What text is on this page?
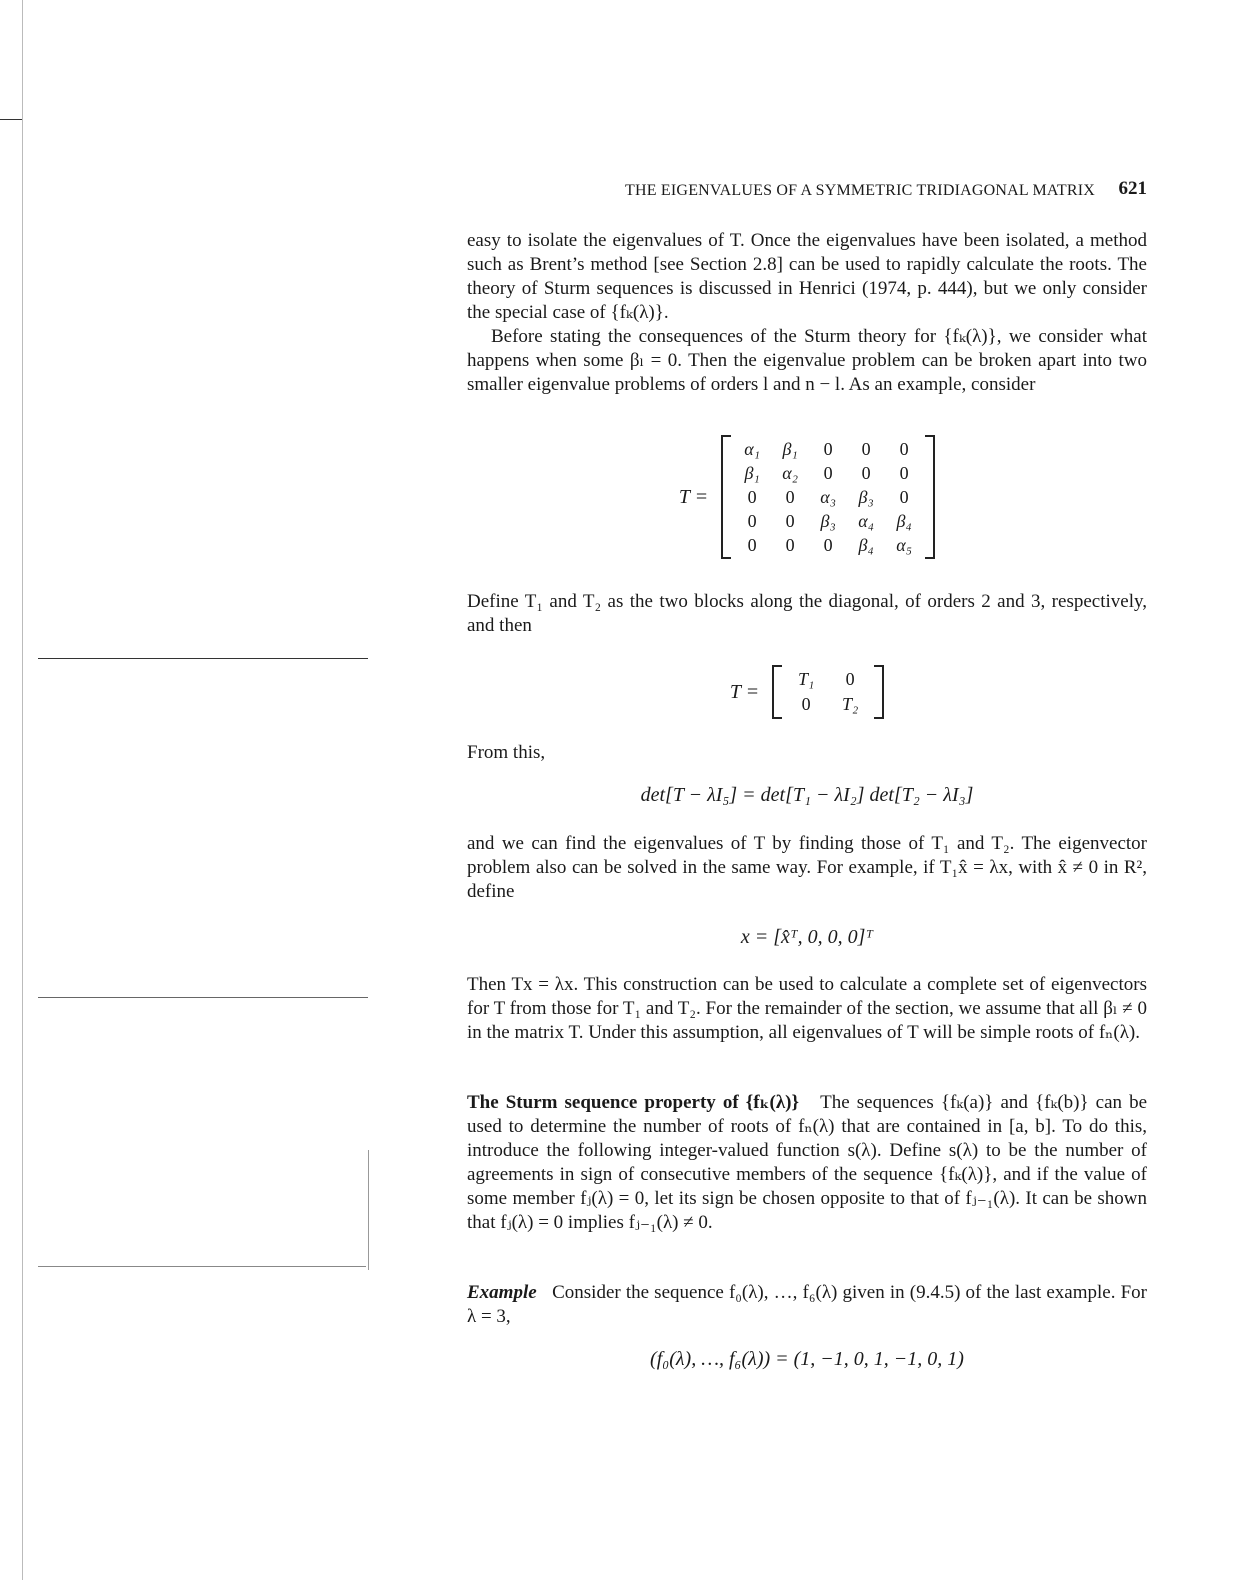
THE EIGENVALUES OF A SYMMETRIC TRIDIAGONAL MATRIX 621

easy to isolate the eigenvalues of T. Once the eigenvalues have been isolated, a method such as Brent’s method [see Section 2.8] can be used to rapidly calculate the roots. The theory of Sturm sequences is discussed in Henrici (1974, p. 444), but we only consider the special case of {fₖ(λ)}.

Before stating the consequences of the Sturm theory for {fₖ(λ)}, we consider what happens when some βₗ = 0. Then the eigenvalue problem can be broken apart into two smaller eigenvalue problems of orders l and n − l. As an example, consider

T =
α₁	β₁	0	0	0
β₁	α₂	0	0	0
0	0	α₃	β₃	0
0	0	β₃	α₄	β₄
0	0	0	β₄	α₅

Define T₁ and T₂ as the two blocks along the diagonal, of orders 2 and 3, respectively, and then

T =
T₁	0
0	T₂

From this,

det[T − λI₅] = det[T₁ − λI₂] det[T₂ − λI₃]

and we can find the eigenvalues of T by finding those of T₁ and T₂. The eigenvector problem also can be solved in the same way. For example, if T₁x̂ = λx, with x̂ ≠ 0 in R², define

x = [x̂ᵀ, 0, 0, 0]ᵀ

Then Tx = λx. This construction can be used to calculate a complete set of eigenvectors for T from those for T₁ and T₂. For the remainder of the section, we assume that all βₗ ≠ 0 in the matrix T. Under this assumption, all eigenvalues of T will be simple roots of fₙ(λ).

The Sturm sequence property of {fₖ(λ)} The sequences {fₖ(a)} and {fₖ(b)} can be used to determine the number of roots of fₙ(λ) that are contained in [a, b]. To do this, introduce the following integer-valued function s(λ). Define s(λ) to be the number of agreements in sign of consecutive members of the sequence {fₖ(λ)}, and if the value of some member fⱼ(λ) = 0, let its sign be chosen opposite to that of fⱼ₋₁(λ). It can be shown that fⱼ(λ) = 0 implies fⱼ₋₁(λ) ≠ 0.

Example Consider the sequence f₀(λ), …, f₆(λ) given in (9.4.5) of the last example. For λ = 3,

(f₀(λ), …, f₆(λ)) = (1, −1, 0, 1, −1, 0, 1)
